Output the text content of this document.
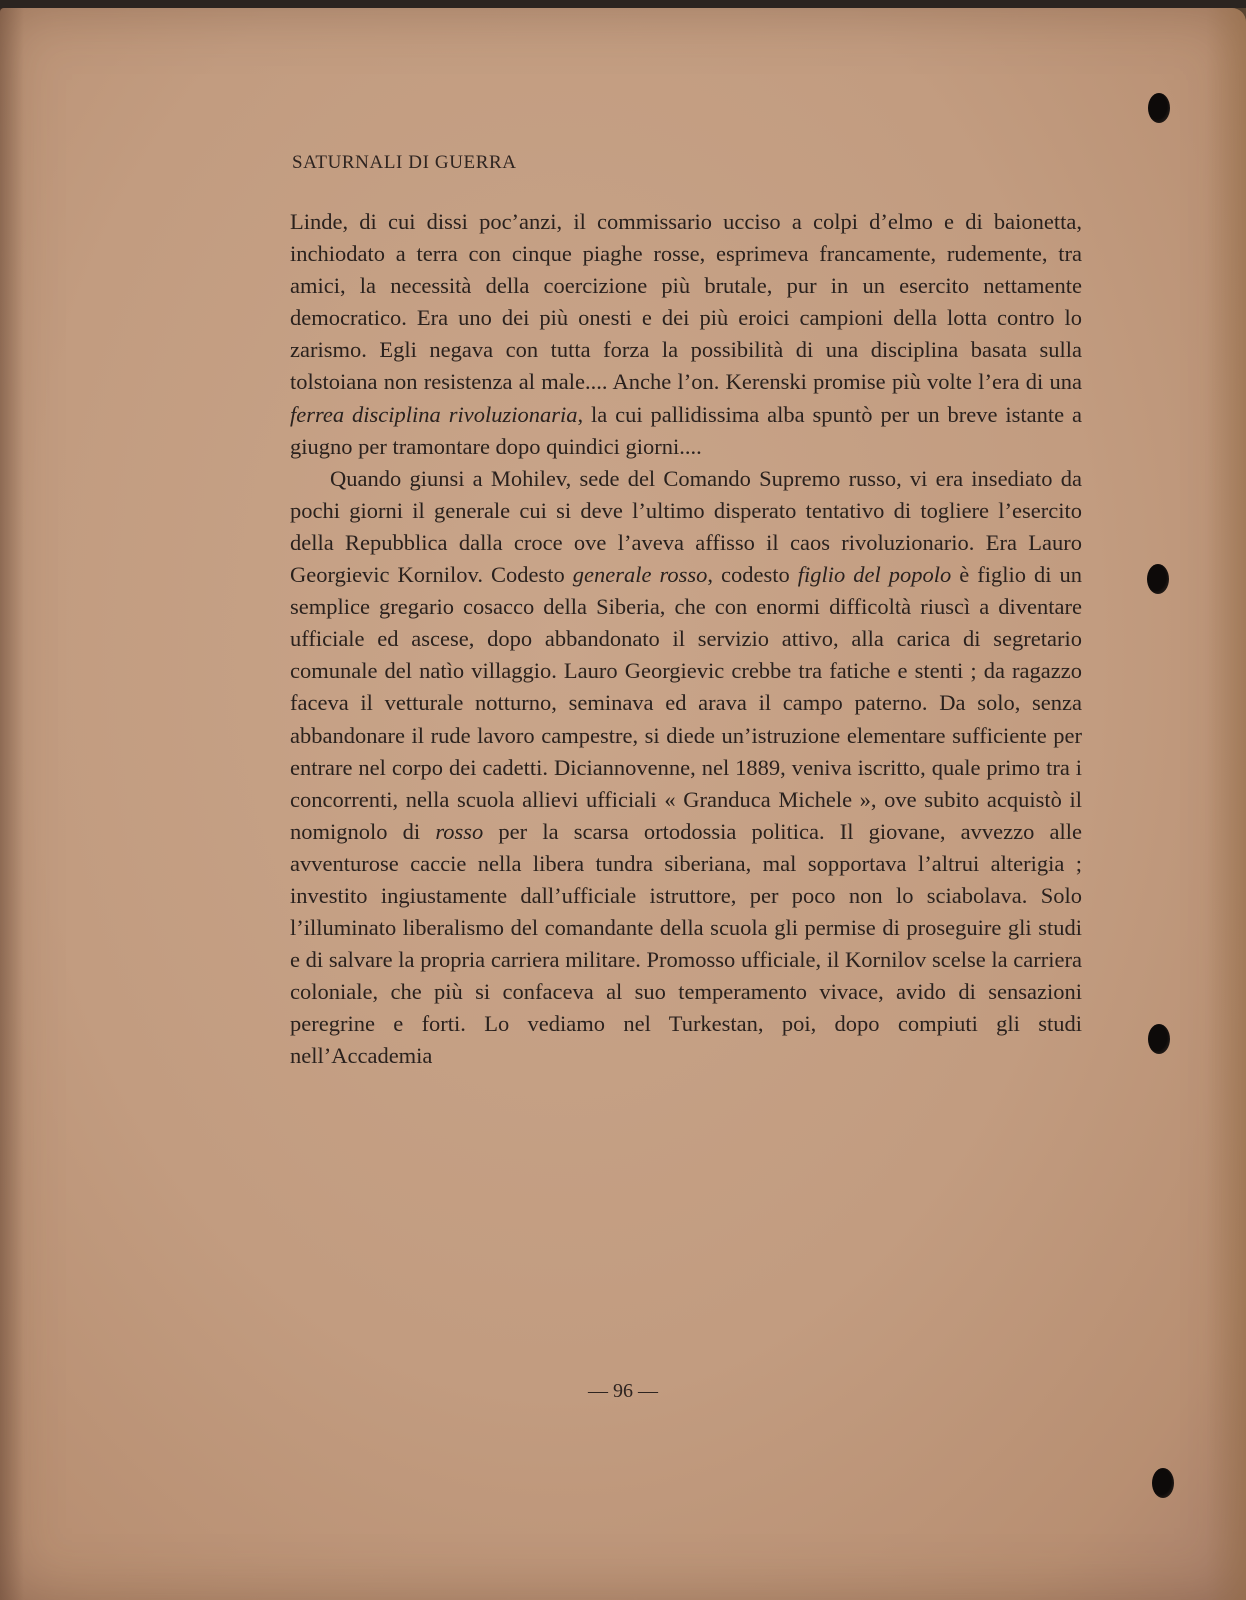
SATURNALI DI GUERRA

Linde, di cui dissi poc’anzi, il commissario ucciso a colpi d’elmo e di baionetta, inchiodato a terra con cinque piaghe rosse, esprimeva francamente, rudemente, tra amici, la necessità della coercizione più brutale, pur in un esercito nettamente democratico. Era uno dei più onesti e dei più eroici campioni della lotta contro lo zarismo. Egli negava con tutta forza la possibilità di una disciplina basata sulla tolstoiana non resistenza al male.... Anche l’on. Kerenski promise più volte l’era di una ferrea disciplina rivoluzionaria, la cui pallidissima alba spuntò per un breve istante a giugno per tramontare dopo quindici giorni....

Quando giunsi a Mohilev, sede del Comando Supremo russo, vi era insediato da pochi giorni il generale cui si deve l’ultimo disperato tentativo di togliere l’esercito della Repubblica dalla croce ove l’aveva affisso il caos rivoluzionario. Era Lauro Georgievic Kornilov. Codesto generale rosso, codesto figlio del popolo è figlio di un semplice gregario cosacco della Siberia, che con enormi difficoltà riuscì a diventare ufficiale ed ascese, dopo abbandonato il servizio attivo, alla carica di segretario comunale del natìo villaggio. Lauro Georgievic crebbe tra fatiche e stenti ; da ragazzo faceva il vetturale notturno, seminava ed arava il campo paterno. Da solo, senza abbandonare il rude lavoro campestre, si diede un’istruzione elementare sufficiente per entrare nel corpo dei cadetti. Diciannovenne, nel 1889, veniva iscritto, quale primo tra i concorrenti, nella scuola allievi ufficiali « Granduca Michele », ove subito acquistò il nomignolo di rosso per la scarsa ortodossia politica. Il giovane, avvezzo alle avventurose caccie nella libera tundra siberiana, mal sopportava l’altrui alterigia ; investito ingiustamente dall’ufficiale istruttore, per poco non lo sciabolava. Solo l’illuminato liberalismo del comandante della scuola gli permise di proseguire gli studi e di salvare la propria carriera militare. Promosso ufficiale, il Kornilov scelse la carriera coloniale, che più si confaceva al suo temperamento vivace, avido di sensazioni peregrine e forti. Lo vediamo nel Turkestan, poi, dopo compiuti gli studi nell’Accademia

— 96 —
